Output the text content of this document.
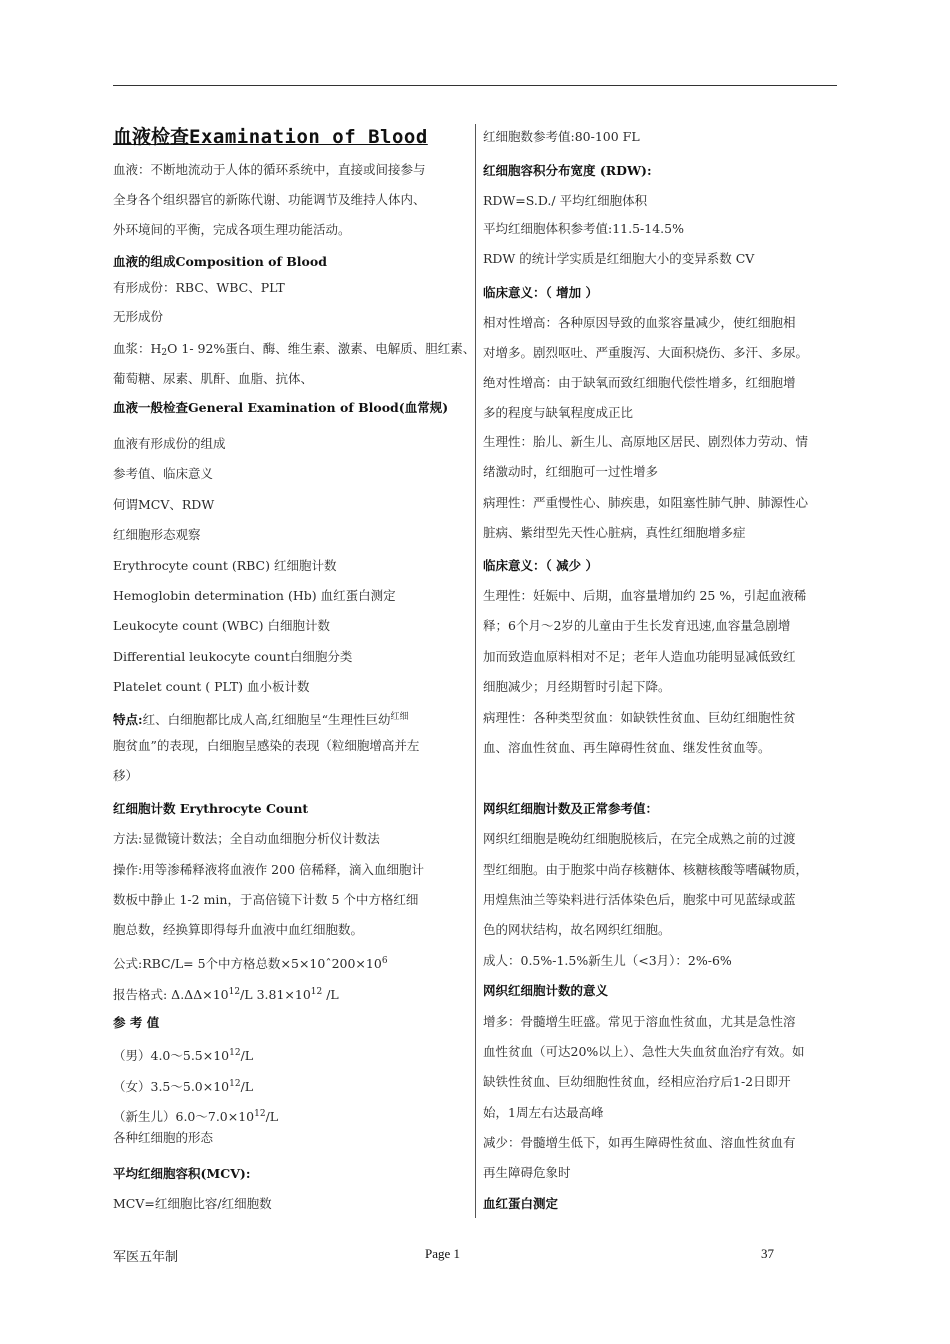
血液检查Examination of Blood
血液：不断地流动于人体的循环系统中，直接或间接参与
全身各个组织器官的新陈代谢、功能调节及维持人体内、
外环境间的平衡，完成各项生理功能活动。
血液的组成Composition of Blood
有形成份：RBC、WBC、PLT
无形成份
血浆：$H_2O$ 1- 92%蛋白、酶、维生素、激素、电解质、胆红素、
葡萄糖、尿素、肌酐、血脂、抗体、
血液一般检查General Examination of Blood(血常规)
血液有形成份的组成
参考值、临床意义
何谓MCV、RDW
红细胞形态观察
Erythrocyte count (RBC) 红细胞计数
Hemoglobin determination (Hb) 血红蛋白测定
Leukocyte count (WBC) 白细胞计数
Differential leukocyte count白细胞分类
Platelet count ( PLT) 血小板计数
特点:红、白细胞都比成人高,红细胞呈“生理性巨幼$^{红细}$
胞贫血”的表现，白细胞呈感染的表现（粒细胞增高并左
移）
红细胞计数 Erythrocyte Count
方法:显微镜计数法；全自动血细胞分析仪计数法
操作:用等渗稀释液将血液作 200 倍稀释，滴入血细胞计
数板中静止 1-2 min，于高倍镜下计数 5 个中方格红细
胞总数，经换算即得每升血液中血红细胞数。
公式:RBC/L= 5个中方格总数$\times 5\times 10ˆ200\times 10^6$
报告格式: $\Delta.\Delta\Delta\times 10^{12}/L$ $3.81\times 10^{12}$ /L
参 考 值
（男）$4.0\sim 5.5\times 10^{12}/L$
（女）$3.5\sim 5.0\times 10^{12}/L$
（新生儿）$6.0\sim 7.0\times 10^{12}/L$
各种红细胞的形态
平均红细胞容积(MCV):
MCV=红细胞比容/红细胞数
红细胞数参考值:80-100 FL
红细胞容积分布宽度 (RDW):
RDW=S.D./ 平均红细胞体积
平均红细胞体积参考值:11.5-14.5%
RDW 的统计学实质是红细胞大小的变异系数 CV
临床意义：（ 增加 ）
相对性增高：各种原因导致的血浆容量减少，使红细胞相
对增多。剧烈呕吐、严重腹泻、大面积烧伤、多汗、多尿。
绝对性增高：由于缺氧而致红细胞代偿性增多，红细胞增
多的程度与缺氧程度成正比
生理性：胎儿、新生儿、高原地区居民、剧烈体力劳动、情
绪激动时，红细胞可一过性增多
病理性：严重慢性心、肺疾患，如阻塞性肺气肿、肺源性心
脏病、紫绀型先天性心脏病，真性红细胞增多症
临床意义：（ 减少 ）
生理性：妊娠中、后期，血容量增加约 25 %，引起血液稀
释；6个月～2岁的儿童由于生长发育迅速,血容量急剧增
加而致造血原料相对不足；老年人造血功能明显减低致红
细胞减少；月经期暂时引起下降。
病理性：各种类型贫血：如缺铁性贫血、巨幼红细胞性贫
血、溶血性贫血、再生障碍性贫血、继发性贫血等。
网织红细胞计数及正常参考值：
网织红细胞是晚幼红细胞脱核后，在完全成熟之前的过渡
型红细胞。由于胞浆中尚存核糖体、核糖核酸等嗜碱物质，
用煌焦油兰等染料进行活体染色后，胞浆中可见蓝绿或蓝
色的网状结构，故名网织红细胞。
成人：0.5%-1.5%新生儿（<3月）：2%-6%
网织红细胞计数的意义
增多：骨髓增生旺盛。常见于溶血性贫血，尤其是急性溶
血性贫血（可达20%以上）、急性大失血贫血治疗有效。如
缺铁性贫血、巨幼细胞性贫血，经相应治疗后1-2日即开
始，1周左右达最高峰
减少：骨髓增生低下，如再生障碍性贫血、溶血性贫血有
再生障碍危象时
血红蛋白测定
军医五年制	Page 1	37
